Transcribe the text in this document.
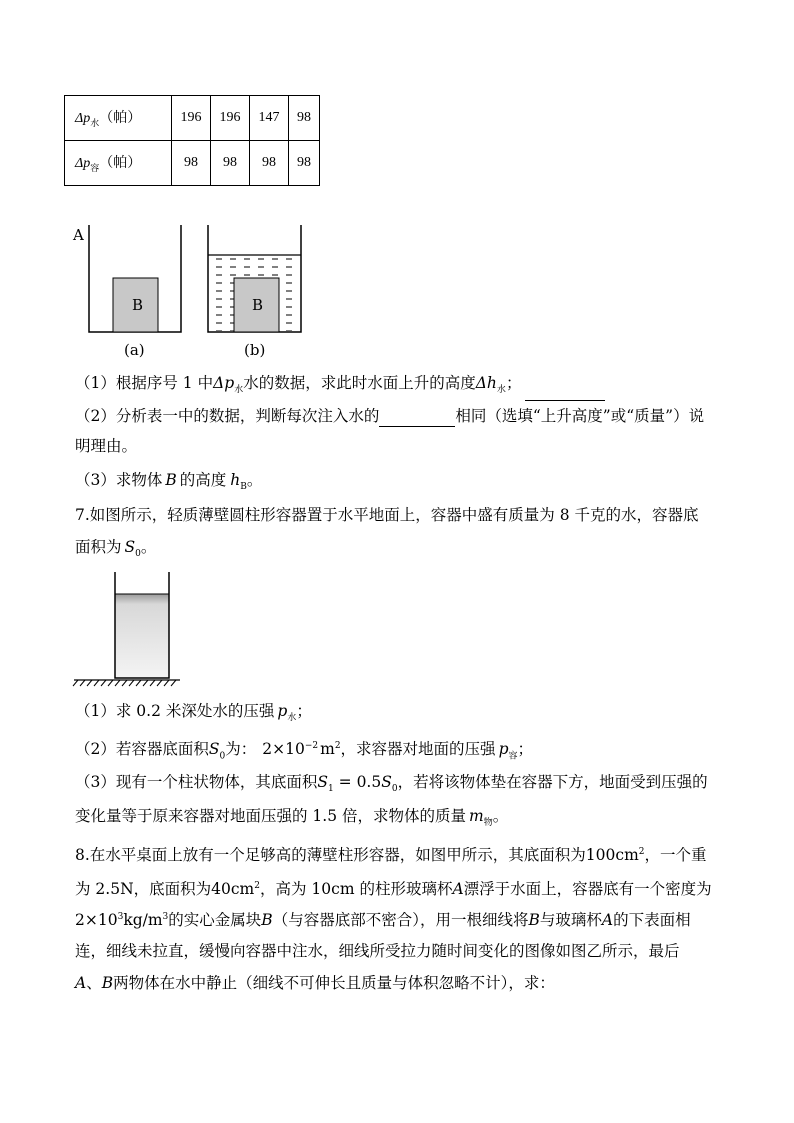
$\Delta p_水$（帕）	196	196	147	98
$\Delta p_容$（帕）	98	98	98	98
A
B	B
(a)	(b)
（1）根据序号 1 中$\Delta p_水$水的数据，求此时水面上升的高度$\Delta h_水$；
（2）分析表一中的数据，判断每次注入水的	相同（选填“上升高度”或“质量”）说
明理由。
（3）求物体 B 的高度 $h_B$。
7.如图所示，轻质薄壁圆柱形容器置于水平地面上，容器中盛有质量为 8 千克的水，容器底
面积为 $S_0$。
（1）求 0.2 米深处水的压强 $p_水$；
（2）若容器底面积$S_0$为： $2\times 10^{-2}$ $m^2$，求容器对地面的压强 $p_容$；
（3）现有一个柱状物体，其底面积$S_1 = 0.5S_0$，若将该物体垫在容器下方，地面受到压强的
变化量等于原来容器对地面压强的 1.5 倍，求物体的质量 $m_物$。
8.在水平桌面上放有一个足够高的薄壁柱形容器，如图甲所示，其底面积为$100cm^2$，一个重
为 2.5N，底面积为$40cm^2$，高为 10cm 的柱形玻璃杯A漂浮于水面上，容器底有一个密度为
$2\times 10^3kg/m^3$的实心金属块B（与容器底部不密合），用一根细线将B与玻璃杯A的下表面相
连，细线未拉直，缓慢向容器中注水，细线所受拉力随时间变化的图像如图乙所示，最后
A、B两物体在水中静止（细线不可伸长且质量与体积忽略不计），求：
